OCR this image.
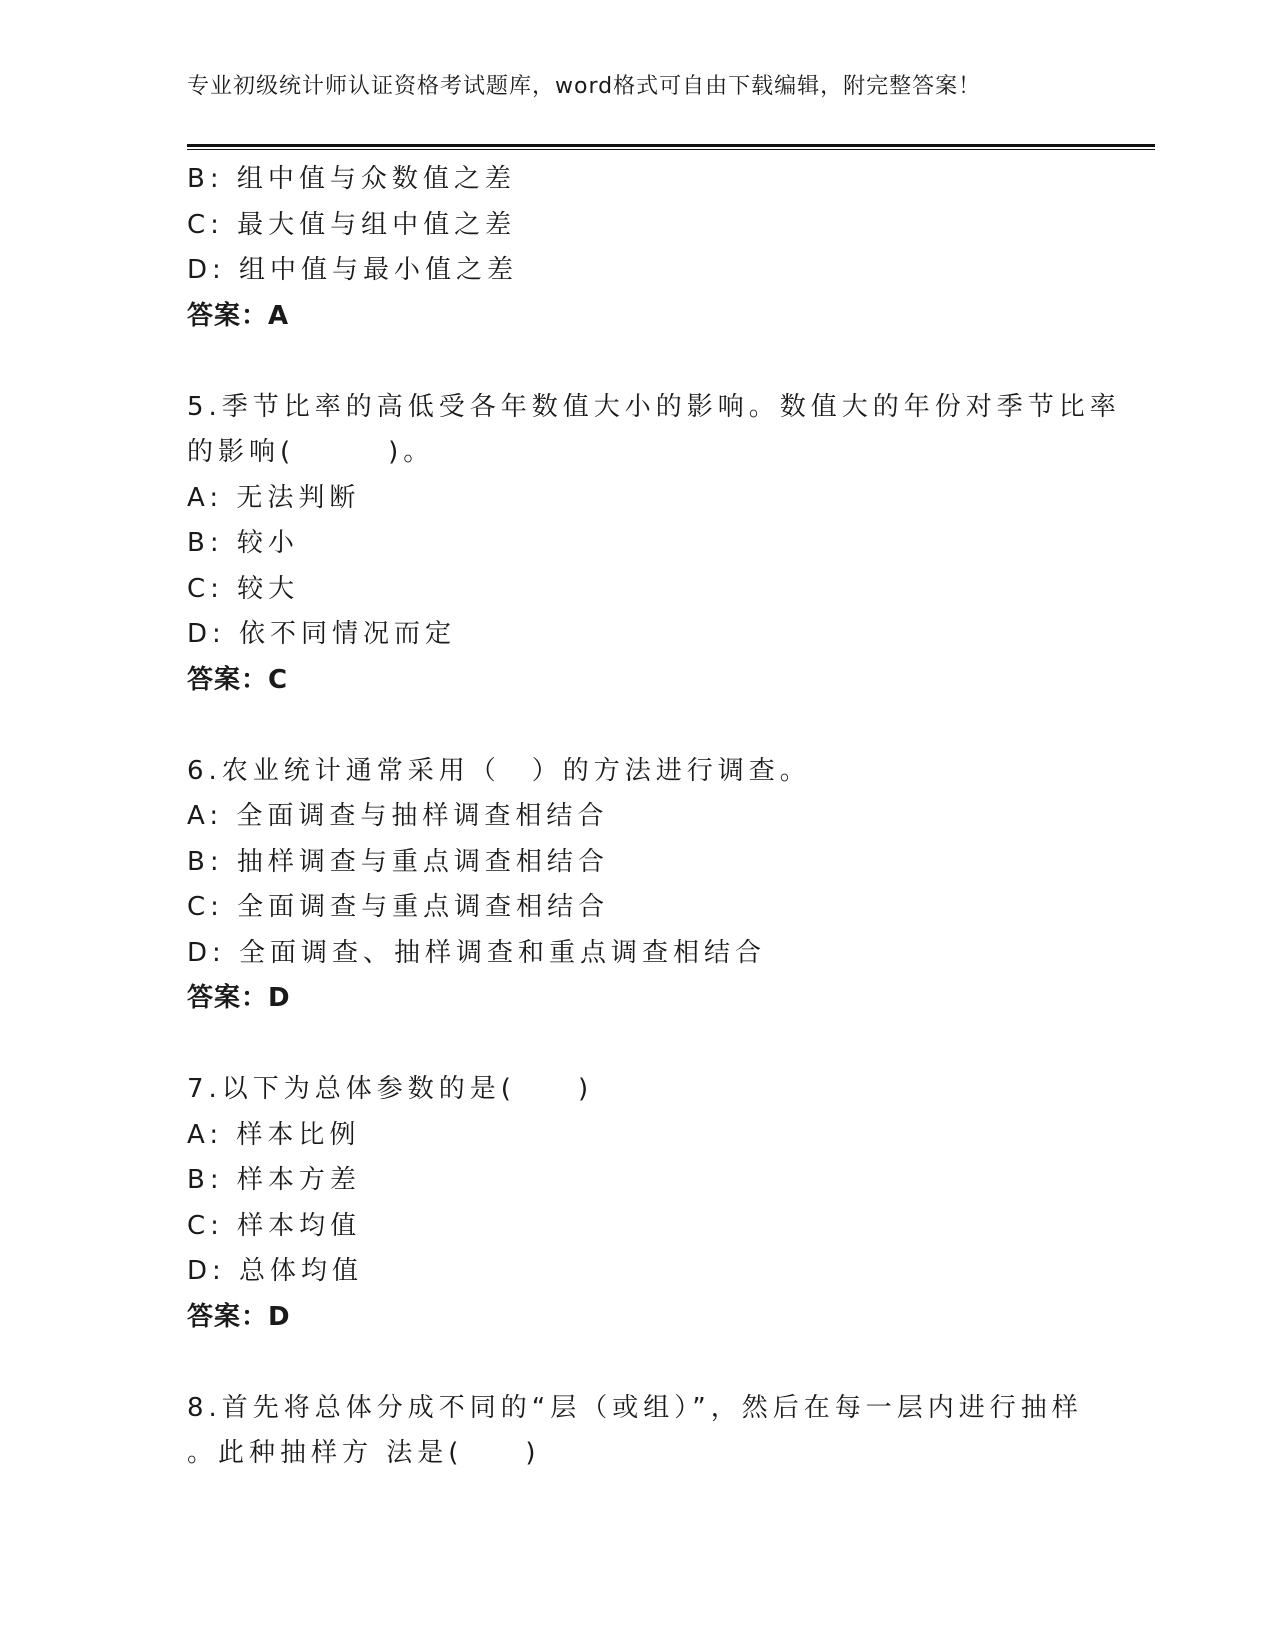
专业初级统计师认证资格考试题库，word格式可自由下载编辑，附完整答案！
B: 组中值与众数值之差
C: 最大值与组中值之差
D: 组中值与最小值之差
答案：A
5.季节比率的高低受各年数值大小的影响。数值大的年份对季节比率
的影响(　　　)。
A: 无法判断
B: 较小
C: 较大
D: 依不同情况而定
答案：C
6.农业统计通常采用（　）的方法进行调查。
A: 全面调查与抽样调查相结合
B: 抽样调查与重点调查相结合
C: 全面调查与重点调查相结合
D: 全面调查、抽样调查和重点调查相结合
答案：D
7.以下为总体参数的是(　　)
A: 样本比例
B: 样本方差
C: 样本均值
D: 总体均值
答案：D
8.首先将总体分成不同的“层（或组）”，然后在每一层内进行抽样
。此种抽样方 法是(　　)
